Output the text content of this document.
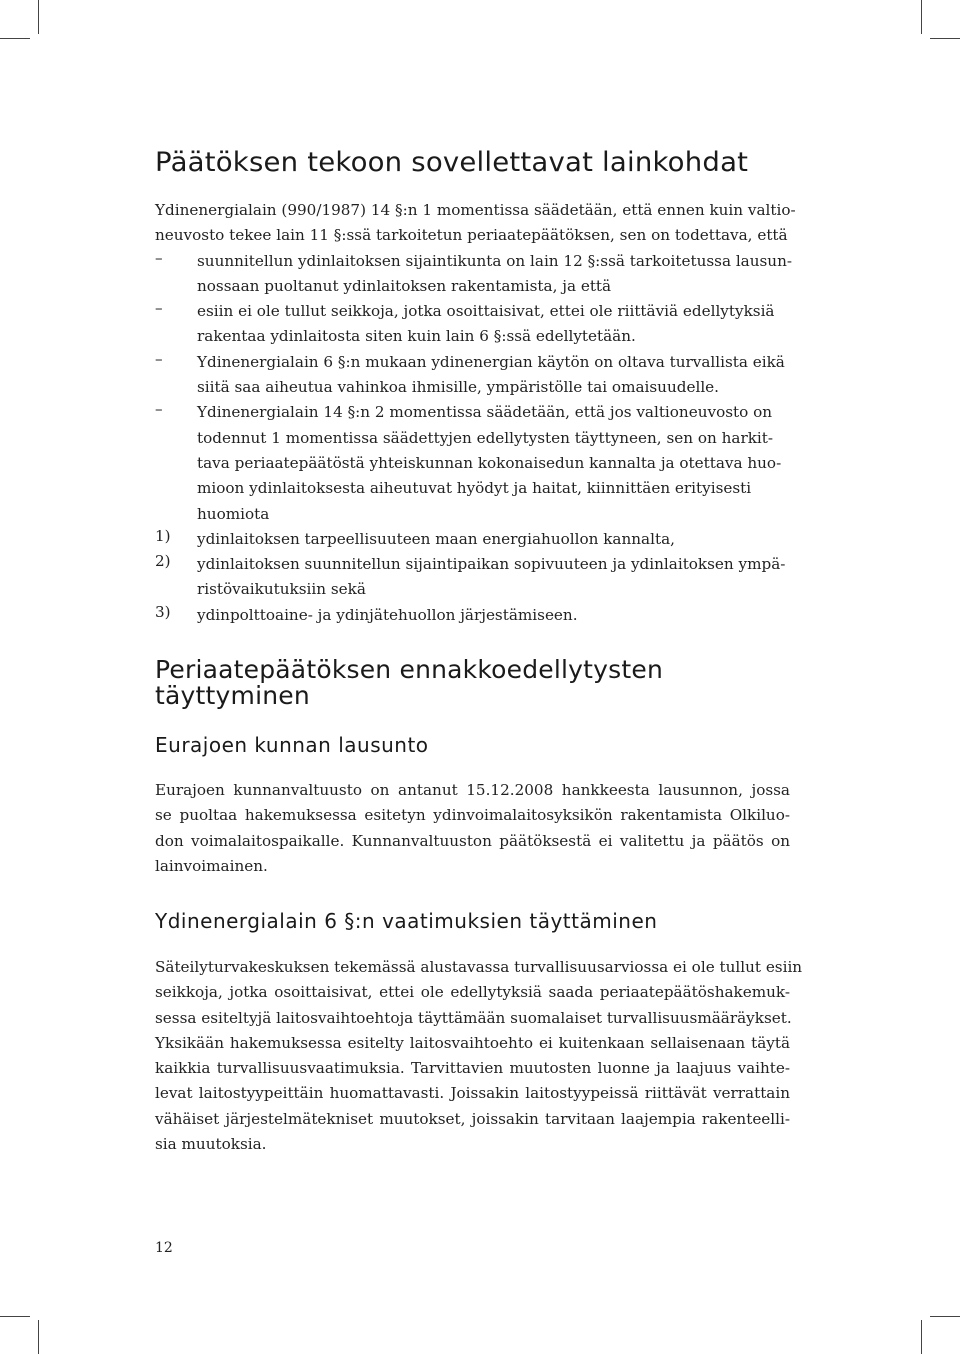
Päätöksen tekoon sovellettavat lainkohdat
Ydinenergialain (990/1987) 14 §:n 1 momentissa säädetään, että ennen kuin valtio-
neuvosto tekee lain 11 §:ssä tarkoitetun periaatepäätöksen, sen on todettava, että
– suunnitellun ydinlaitoksen sijaintikunta on lain 12 §:ssä tarkoitetussa lausun-
nossaan puoltanut ydinlaitoksen rakentamista, ja että
– esiin ei ole tullut seikkoja, jotka osoittaisivat, ettei ole riittäviä edellytyksiä
rakentaa ydinlaitosta siten kuin lain 6 §:ssä edellytetään.
– Ydinenergialain 6 §:n mukaan ydinenergian käytön on oltava turvallista eikä
siitä saa aiheutua vahinkoa ihmisille, ympäristölle tai omaisuudelle.
– Ydinenergialain 14 §:n 2 momentissa säädetään, että jos valtioneuvosto on
todennut 1 momentissa säädettyjen edellytysten täyttyneen, sen on harkit-
tava periaatepäätöstä yhteiskunnan kokonaisedun kannalta ja otettava huo-
mioon ydinlaitoksesta aiheutuvat hyödyt ja haitat, kiinnittäen erityisesti
huomiota
1) ydinlaitoksen tarpeellisuuteen maan energiahuollon kannalta,
2) ydinlaitoksen suunnitellun sijaintipaikan sopivuuteen ja ydinlaitoksen ympä-
ristövaikutuksiin sekä
3) ydinpolttoaine- ja ydinjätehuollon järjestämiseen.
Periaatepäätöksen ennakkoedellytysten
täyttyminen
Eurajoen kunnan lausunto
Eurajoen kunnanvaltuusto on antanut 15.12.2008 hankkeesta lausunnon, jossa
se puoltaa hakemuksessa esitetyn ydinvoimalaitosyksikön rakentamista Olkiluo-
don voimalaitospaikalle. Kunnanvaltuuston päätöksestä ei valitettu ja päätös on
lainvoimainen.
Ydinenergialain 6 §:n vaatimuksien täyttäminen
Säteilyturvakeskuksen tekemässä alustavassa turvallisuusarviossa ei ole tullut esiin
seikkoja, jotka osoittaisivat, ettei ole edellytyksiä saada periaatepäätöshakemuk-
sessa esiteltyjä laitosvaihtoehtoja täyttämään suomalaiset turvallisuusmääräykset.
Yksikään hakemuksessa esitelty laitosvaihtoehto ei kuitenkaan sellaisenaan täytä
kaikkia turvallisuusvaatimuksia. Tarvittavien muutosten luonne ja laajuus vaihte-
levat laitostyypeittäin huomattavasti. Joissakin laitostyypeissä riittävät verrattain
vähäiset järjestelmätekniset muutokset, joissakin tarvitaan laajempia rakenteelli-
sia muutoksia.
12
